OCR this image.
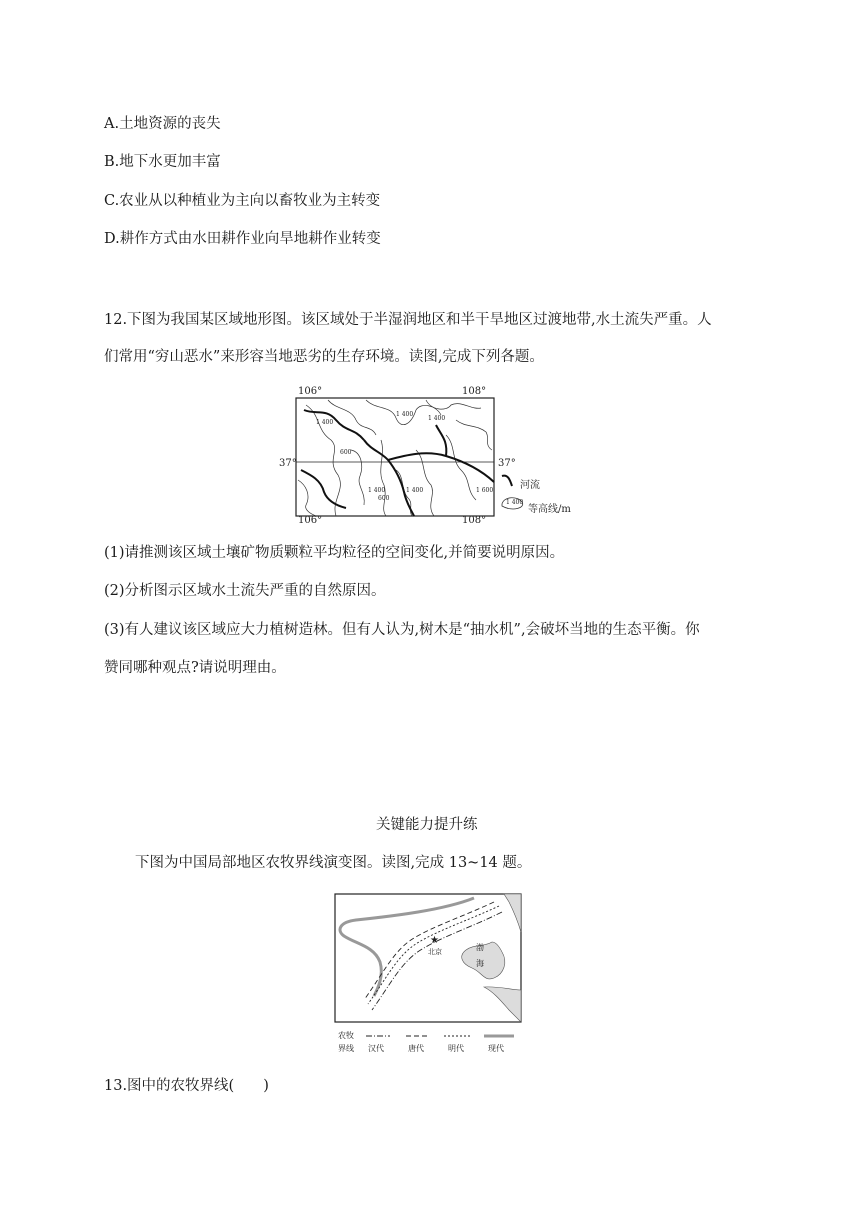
A.土地资源的丧失
B.地下水更加丰富
C.农业从以种植业为主向以畜牧业为主转变
D.耕作方式由水田耕作业向旱地耕作业转变
12.下图为我国某区域地形图。该区域处于半湿润地区和半干旱地区过渡地带,水土流失严重。人
们常用“穷山恶水”来形容当地恶劣的生存环境。读图,完成下列各题。
106°	108°
106°	108°
37°	37°
1 400
1 400
1 400
1 400
600
600
1 400	1 600	河流
1 400
等高线/m
(1)请推测该区域土壤矿物质颗粒平均粒径的空间变化,并简要说明原因。
(2)分析图示区域水土流失严重的自然原因。
(3)有人建议该区域应大力植树造林。但有人认为,树木是“抽水机”,会破坏当地的生态平衡。你
赞同哪种观点?请说明理由。
关键能力提升练
下图为中国局部地区农牧界线演变图。读图,完成 13~14 题。
★
北京	渤
海
农牧
界线 汉代	唐代	明代	现代
13.图中的农牧界线(　　)
